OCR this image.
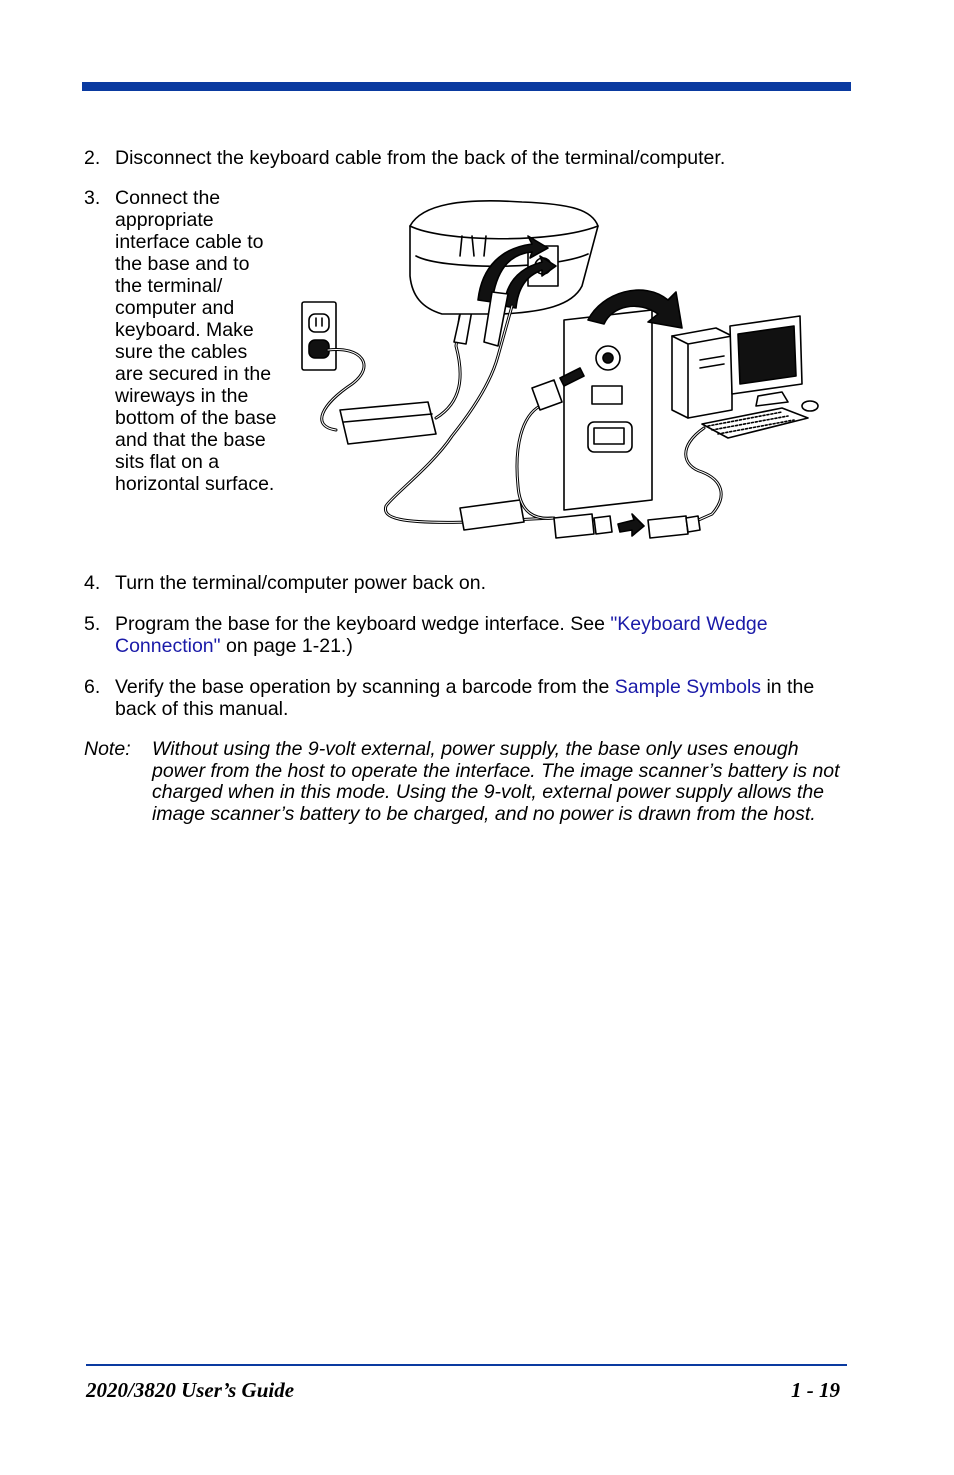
2. Disconnect the keyboard cable from the back of the terminal/computer.
3. Connect the appropriate interface cable to the base and to the terminal/ computer and keyboard. Make sure the cables are secured in the wireways in the bottom of the base and that the base sits flat on a horizontal surface.
4. Turn the terminal/computer power back on.
5. Program the base for the keyboard wedge interface. See "Keyboard Wedge Connection" on page 1-21.)
6. Verify the base operation by scanning a barcode from the Sample Symbols in the back of this manual.
Note: Without using the 9-volt external, power supply, the base only uses enough power from the host to operate the interface. The image scanner’s battery is not charged when in this mode. Using the 9-volt, external power supply allows the image scanner’s battery to be charged, and no power is drawn from the host.
2020/3820 User’s Guide	1 - 19
